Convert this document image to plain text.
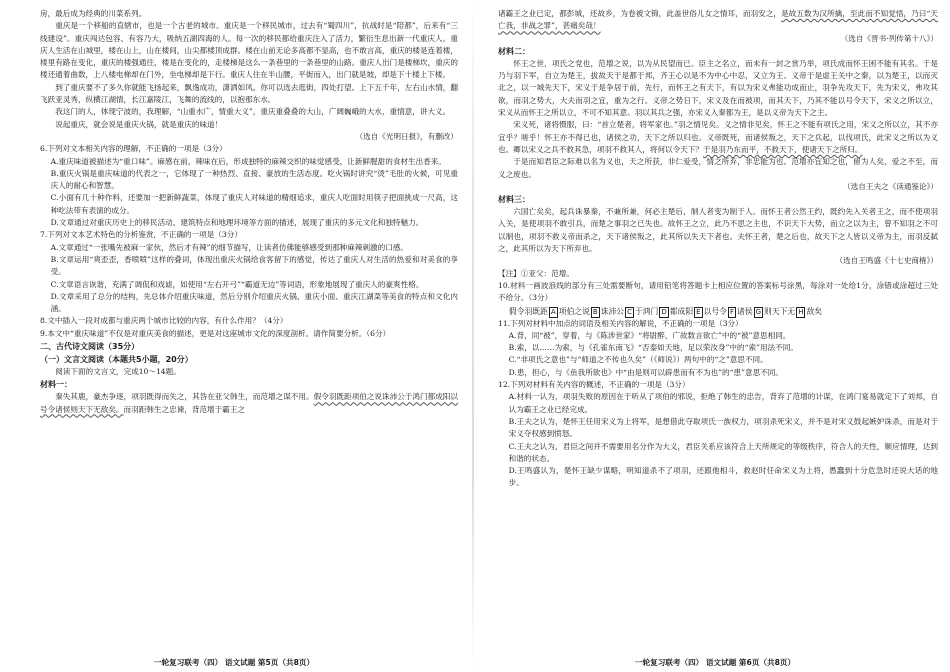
房，最后成为经典的川菜系列。

重庆是一个移船的直辖市，也是一个古老的城市。重庆是一个移民城市，过去有“蜀四川”，抗战时是“陪都”，后来有“三线建设”。重庆闯达包容、有容乃大，吸纳五湖四海的人。每一次的移民都给重庆注入了活力，繁衍生息出新一代重庆人。重庆人生活在山城里，楼在山上，山在楼间，山尖都楼顶成群。楼在山前无论多高都不显高，也不敢言高，重庆的楼是连着楼，楼里有路在变化，重庆的楼强通往，楼是在变化的，走楼梯是这么一条巷里的一条巷里的山路。重庆人出门是楼梯坎，重庆的楼还通着曲数，上八楼电梯却在门外，坐电梯却是下行。重庆人住在半山腰，平街而入，出门就是坡，却是下十楼上下楼。

到了重庆要不了多久你就能飞扬起来，飘逸成功，潇洒如风。你可以选去逛街，四处打望。上下五千年，左右山水情，翻飞跃亚灵秀，纵横江湖情，长江嘉陵江，飞舞的流线的，以抱那东水。

我这门的人，体现宁波的，我理解，“山重水广，情重大义”，重庆重叠叠的大山，广阔巍峨的大水，重情意，讲大义。

说起重庆，就会说是重庆火锅，就是重庆的味道！

（选自《光明日报》，有删改）

6.下列对文本相关内容的理解，不正确的一项是（3分）

A.重庆味道被描述为“重口味”。麻感在前，辣味在后，形成独特的麻辣交织的味觉感受，让新鲜腥甜的食材生出香来。

B.重庆火锅是重庆味道的代表之一，它体现了一种热烈、直接、豪放的生活态度。吃火锅时讲究“烫”毛肚的火候，可见重庆人的耐心和智慧。

C.小面有几十种作料，还要加一把新鲜蔬菜，体现了重庆人对味道的精细追求，重庆人吃面时用筷子把面挑成一尺高，这种吃法带有表演的成分。

D.文章通过对重庆历史上的移民活动、建筑特点和地理环境等方面的描述，展现了重庆的多元文化和独特魅力。

7.下列对文本艺术特色的分析鉴赏，不正确的一项是（3分）

A.文章通过“一张嘴先被麻一家伙，然后才有辣”的细节描写，让读者仿佛能够感受到那种麻辣刺激的口感。

B.文章运用“爽歪歪，香喷喷”这样的叠词，体现出重庆火锅给食客留下的感觉，传达了重庆人对生活的热爱和对美食的享受。

C.文章语言诙谐，充满了调侃和戏谑，如使用“左右开弓”“霸道无边”等词语，形象地展现了重庆人的豪爽性格。

D.文章采用了总分的结构，先总体介绍重庆味道，然后分别介绍重庆火锅、重庆小面、重庆江湖菜等美食的特点和文化内涵。

8.文中插入一段对成都与重庆两个城市比较的内容，有什么作用？（4分）

9.本文中“重庆味道”不仅是对重庆美食的描述，更是对这座城市文化的深度剖析。请作简要分析。（6分）

二、古代诗文阅读（35分）

（一）文言文阅读（本题共5小题，20分）

阅读下面的文言文，完成10～14题。

材料一：

秦失其鹿，豪杰争逐，项羽既得而失之，其咎在亚父韩生，而范增之谋不用。假令羽既距项伯之说诛沛公于鸿门都成阳以号令诸侯则天下无敌矣。而羽距韩生之忠谏，背范增于霸王之

一轮复习联考（四） 语文试题 第5页（共8页）

诸霸王之业已定，都彭城，还故乡，为卷被文锦，此盖世俗儿女之情耳，而羽安之，是故五数为汉所擒，至此而不知觉悟，乃曰“天亡我，非战之罪”，甚痛矣哉！

（选自《晋书·列传第十八》）

材料二：

怀王之世，项氏之党也，范增之说，以为从民望而已。臣主之名立，而未有一封之赏乃举，项氏成而怀王困不能有其名。于是乃与羽下军，自立为楚王，拔故天于是都于邦，齐王心以是不为中心中忍，又立为王。义帝于是虚王关中之秦，以为楚王，以而灭北之，以一城先天下，宋义于是争居于前，先行，而怀王之有天下，有以为宋义弗能功成而止，羽争先攻天下，先为宋义，弗攻其欲，而羽之势大，大夫而羽之宜，重为之行。义帝之势日下，宋义及在而被项，而其天下，乃其不能以号令天下，宋义之所以立，宋义从而怀王之所以立，不可不知其意。羽以其兵之强，亦宋义入秦都为王，是以义帝为天下之主。

宋义死，诸将慑服，曰：“首立楚者，将军家也。”羽之情见矣。义之情非见矣，怀王之不能有项氏之用，宋义之所以立，其不亦宜乎？嗟乎！怀王亦不得已也，诸侯之功，天下之所以归也。义帝既死，而诸侯叛之，天下之兵起，以伐项氏，此宋义之所以为义也。卿以宋义之兵不救其急，项羽不救其人，将何以令天下？于是羽乃东而平，不救天下，使诸天下之所归。

于是而知君臣之际难以名为义也，天之所获，非仁爱受，情之所弃，非忠能为也。范增亦宜知之也，留为人矣，爱之不至，而义之废也。

（选自王夫之《读通鉴论》）

材料三：

六国亡矣矣，起兵诛暴秦，不兼所兼，何必主楚后，制人者变为制于人。而怀王者公然王约，既约先入关者王之，而不使项羽入关，是使项羽不敢引兵，而楚之事羽之已失也。故怀王之立，此乃不思之主也，不识天下大势，而立之以为主，曾不知羽之不可以制也，项羽不救义帝而杀之，天下诸侯叛之，此其所以失天下者也。夫怀王者，楚之后也，故天下之人皆以义帝为主，而羽反弑之，此其所以为天下所弃也。

（选自王鸣盛《十七史商榷》）

【注】①亚父：范增。

10.材料一画波浪线的部分有三处需要断句，请用铅笔将答题卡上相应位置的答案标号涂黑，每涂对一处给1分，涂错或涂超过三处不给分。（3分）

假令羽既距 A 项伯之说 B 诛沛公 C 于鸿门 D 都成阳 E 以号令 F 诸侯 G 则天下无 H 敌矣

11.下列对材料中加点的词语及相关内容的解说，不正确的一项是（3分）

A.背，同“被”，穿着，与《陈涉世家》“将尉醉，广故数言欲亡”中的“被”意思相同。

B.索，以……为索，与《孔雀东南飞》“否泰如天地，足以荣汝身”中的“索”用法不同。

C.“非项氏之意也”与“师道之不传也久矣”（《师说》）两句中的“之”意思不同。

D.患，担心，与《鱼我所欲也》中“由是则可以辟患而有不为也”的“患”意思不同。

12.下列对材料有关内容的概述，不正确的一项是（3分）

A.材料一认为，项羽失败的原因在于听从了项伯的邪说，拒绝了韩生的忠告，背弃了范增的计谋，在鸿门宴易就定下了刘邦，自认为霸王之业已经完成。

B.王夫之认为，楚怀王任用宋义为上将军，是想借此夺取项氏一族权力，项羽杀死宋义，并不是对宋义鼓起嫉妒诛杀，而是对于宋义夺权感到愤怒。

C.王夫之认为，君臣之间并不需要用名分作为大义，君臣关系应该符合上天所规定的等级秩序，符合人的天性，顺应情理，达到和谐的状态。

D.王鸣盛认为，楚怀王缺少谋略，明知道杀不了项羽，还跟他相斗，救赵时任命宋义为上将，愚蠢到十分危急时还说大话的地步。

一轮复习联考（四） 语文试题 第6页（共8页）
